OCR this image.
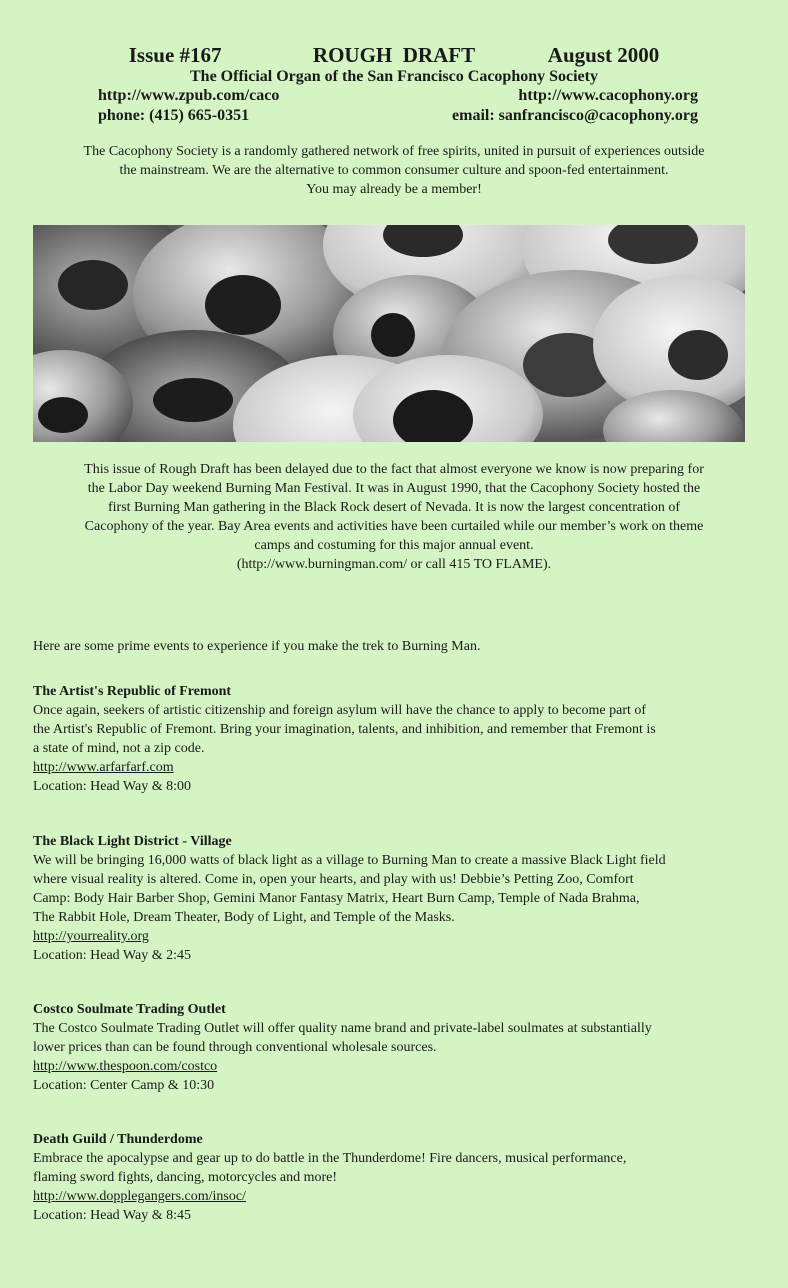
Issue #167	ROUGH  DRAFT	August 2000
The Official Organ of the San Francisco Cacophony Society
http://www.zpub.com/caco	http://www.cacophony.org
phone: (415) 665-0351	email: sanfrancisco@cacophony.org
The Cacophony Society is a randomly gathered network of free spirits, united in pursuit of experiences outside
the mainstream. We are the alternative to common consumer culture and spoon-fed entertainment.
You may already be a member!
This issue of Rough Draft has been delayed due to the fact that almost everyone we know is now preparing for
the Labor Day weekend Burning Man Festival. It was in August 1990, that the Cacophony Society hosted the
first Burning Man gathering in the Black Rock desert of Nevada. It is now the largest concentration of
Cacophony of the year. Bay Area events and activities have been curtailed while our member’s work on theme
camps and costuming for this major annual event.
(http://www.burningman.com/ or call 415 TO FLAME).
Here are some prime events to experience if you make the trek to Burning Man.
The Artist's Republic of Fremont
Once again, seekers of artistic citizenship and foreign asylum will have the chance to apply to become part of
the Artist's Republic of Fremont. Bring your imagination, talents, and inhibition, and remember that Fremont is
a state of mind, not a zip code.
http://www.arfarfarf.com
Location: Head Way & 8:00
The Black Light District - Village
We will be bringing 16,000 watts of black light as a village to Burning Man to create a massive Black Light field
where visual reality is altered. Come in, open your hearts, and play with us! Debbie’s Petting Zoo, Comfort
Camp: Body Hair Barber Shop, Gemini Manor Fantasy Matrix, Heart Burn Camp, Temple of Nada Brahma,
The Rabbit Hole, Dream Theater, Body of Light, and Temple of the Masks.
http://yourreality.org
Location: Head Way & 2:45
Costco Soulmate Trading Outlet
The Costco Soulmate Trading Outlet will offer quality name brand and private-label soulmates at substantially
lower prices than can be found through conventional wholesale sources.
http://www.thespoon.com/costco
Location: Center Camp & 10:30
Death Guild / Thunderdome
Embrace the apocalypse and gear up to do battle in the Thunderdome! Fire dancers, musical performance,
flaming sword fights, dancing, motorcycles and more!
http://www.dopplegangers.com/insoc/
Location: Head Way & 8:45
